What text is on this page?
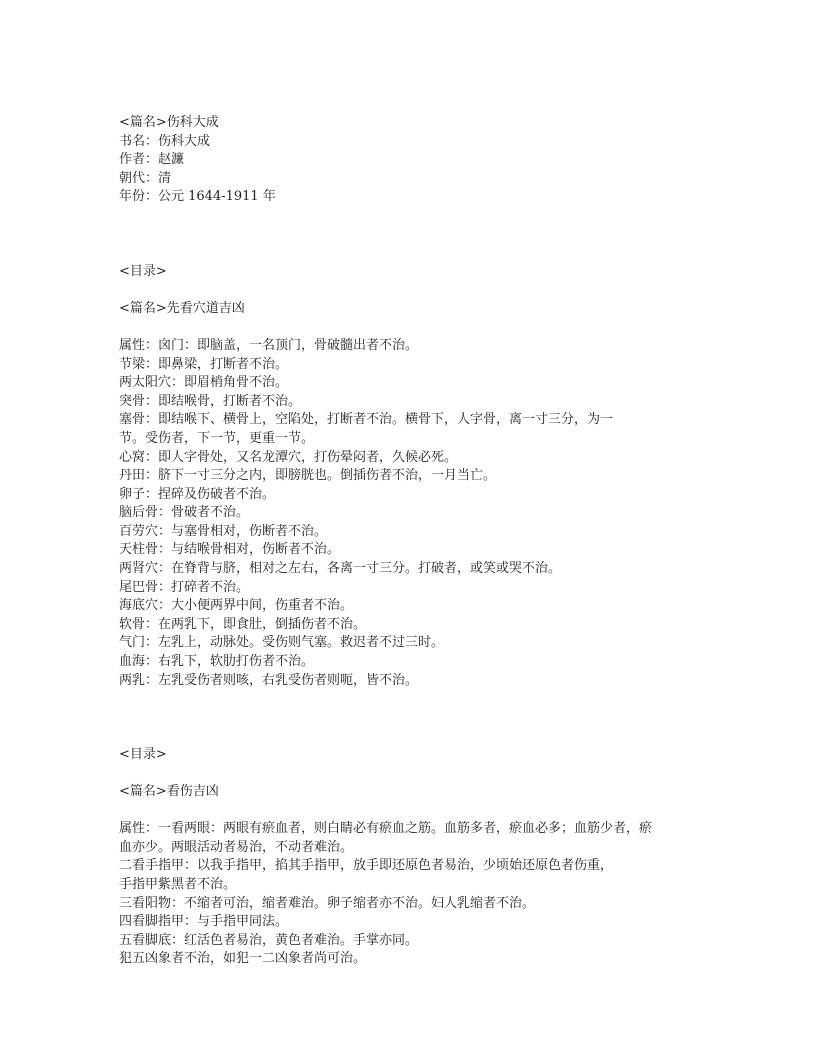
<篇名>伤科大成
书名：伤科大成
作者：赵濂
朝代：清
年份：公元 1644-1911 年
<目录>
<篇名>先看穴道吉凶
属性：囟门：即脑盖，一名顶门，骨破髓出者不治。
节梁：即鼻梁，打断者不治。
两太阳穴：即眉梢角骨不治。
突骨：即结喉骨，打断者不治。
塞骨：即结喉下、横骨上，空陷处，打断者不治。横骨下，人字骨，离一寸三分，为一
节。受伤者，下一节，更重一节。
心窝：即人字骨处，又名龙潭穴，打伤晕闷者，久候必死。
丹田：脐下一寸三分之内，即膀胱也。倒插伤者不治，一月当亡。
卵子：捏碎及伤破者不治。
脑后骨：骨破者不治。
百劳穴：与塞骨相对，伤断者不治。
天柱骨：与结喉骨相对，伤断者不治。
两肾穴：在脊背与脐，相对之左右，各离一寸三分。打破者，或笑或哭不治。
尾巴骨：打碎者不治。
海底穴：大小便两界中间，伤重者不治。
软骨：在两乳下，即食肚，倒插伤者不治。
气门：左乳上，动脉处。受伤则气塞。救迟者不过三时。
血海：右乳下，软肋打伤者不治。
两乳：左乳受伤者则咳，右乳受伤者则呃，皆不治。
<目录>
<篇名>看伤吉凶
属性：一看两眼：两眼有瘀血者，则白睛必有瘀血之筋。血筋多者，瘀血必多；血筋少者，瘀
血亦少。两眼活动者易治，不动者难治。
二看手指甲：以我手指甲，掐其手指甲，放手即还原色者易治，少顷始还原色者伤重，
手指甲紫黑者不治。
三看阳物：不缩者可治，缩者难治。卵子缩者亦不治。妇人乳缩者不治。
四看脚指甲：与手指甲同法。
五看脚底：红活色者易治，黄色者难治。手掌亦同。
犯五凶象者不治，如犯一二凶象者尚可治。
